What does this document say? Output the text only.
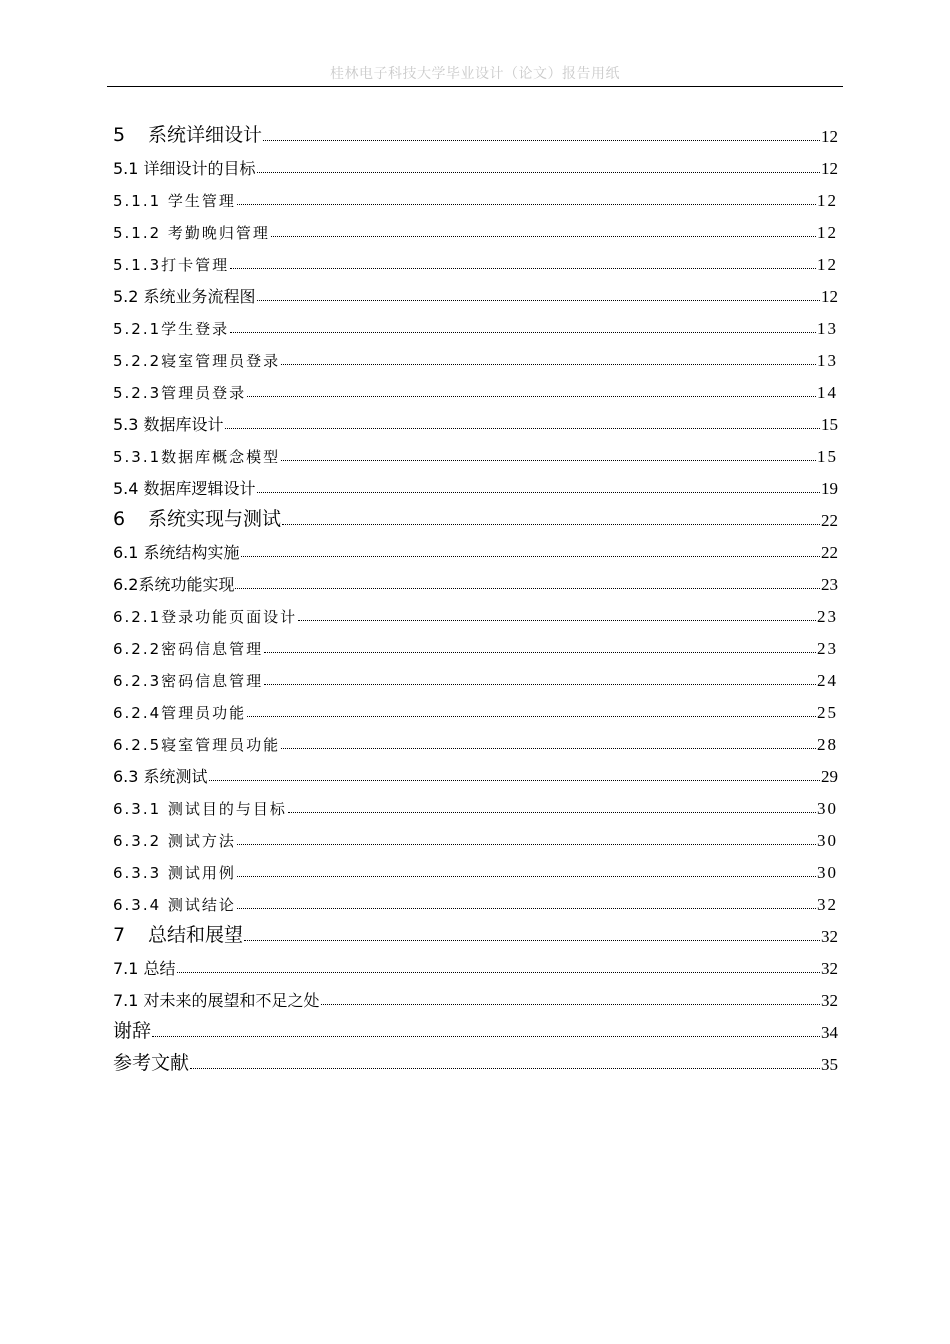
桂林电子科技大学毕业设计（论文）报告用纸
5 系统详细设计	12
5.1 详细设计的目标	12
5.1.1 学生管理	12
5.1.2 考勤晚归管理	12
5.1.3打卡管理	12
5.2 系统业务流程图	12
5.2.1学生登录	13
5.2.2寝室管理员登录	13
5.2.3管理员登录	14
5.3 数据库设计	15
5.3.1数据库概念模型	15
5.4 数据库逻辑设计	19
6 系统实现与测试	22
6.1 系统结构实施	22
6.2系统功能实现	23
6.2.1登录功能页面设计	23
6.2.2密码信息管理	23
6.2.3密码信息管理	24
6.2.4管理员功能	25
6.2.5寝室管理员功能	28
6.3 系统测试	29
6.3.1 测试目的与目标	30
6.3.2 测试方法	30
6.3.3 测试用例	30
6.3.4 测试结论	32
7 总结和展望	32
7.1 总结	32
7.1 对未来的展望和不足之处	32
谢辞	34
参考文献	35
